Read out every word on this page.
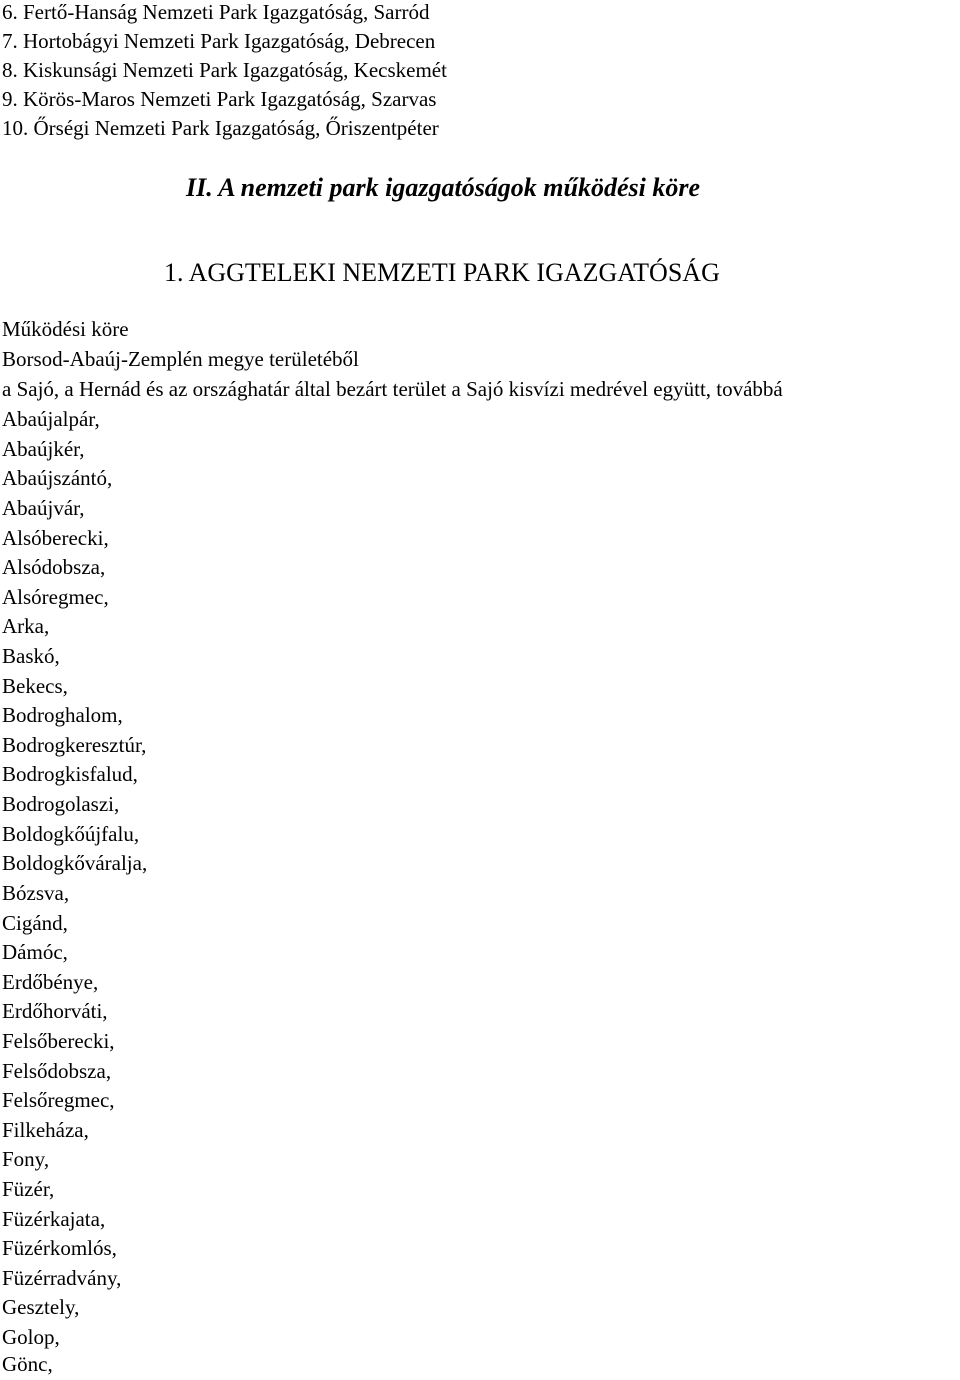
6. Fertő-Hanság Nemzeti Park Igazgatóság, Sarród
7. Hortobágyi Nemzeti Park Igazgatóság, Debrecen
8. Kiskunsági Nemzeti Park Igazgatóság, Kecskemét
9. Körös-Maros Nemzeti Park Igazgatóság, Szarvas
10. Őrségi Nemzeti Park Igazgatóság, Őriszentpéter
II. A nemzeti park igazgatóságok működési köre
1. AGGTELEKI NEMZETI PARK IGAZGATÓSÁG
Működési köre
Borsod-Abaúj-Zemplén megye területéből
a Sajó, a Hernád és az országhatár által bezárt terület a Sajó kisvízi medrével együtt, továbbá
Abaújalpár,
Abaújkér,
Abaújszántó,
Abaújvár,
Alsóberecki,
Alsódobsza,
Alsóregmec,
Arka,
Baskó,
Bekecs,
Bodroghalom,
Bodrogkeresztúr,
Bodrogkisfalud,
Bodrogolaszi,
Boldogkőújfalu,
Boldogkőváralja,
Bózsva,
Cigánd,
Dámóc,
Erdőbénye,
Erdőhorváti,
Felsőberecki,
Felsődobsza,
Felsőregmec,
Filkeháza,
Fony,
Füzér,
Füzérkajata,
Füzérkomlós,
Füzérradvány,
Gesztely,
Golop,
Gönc,
